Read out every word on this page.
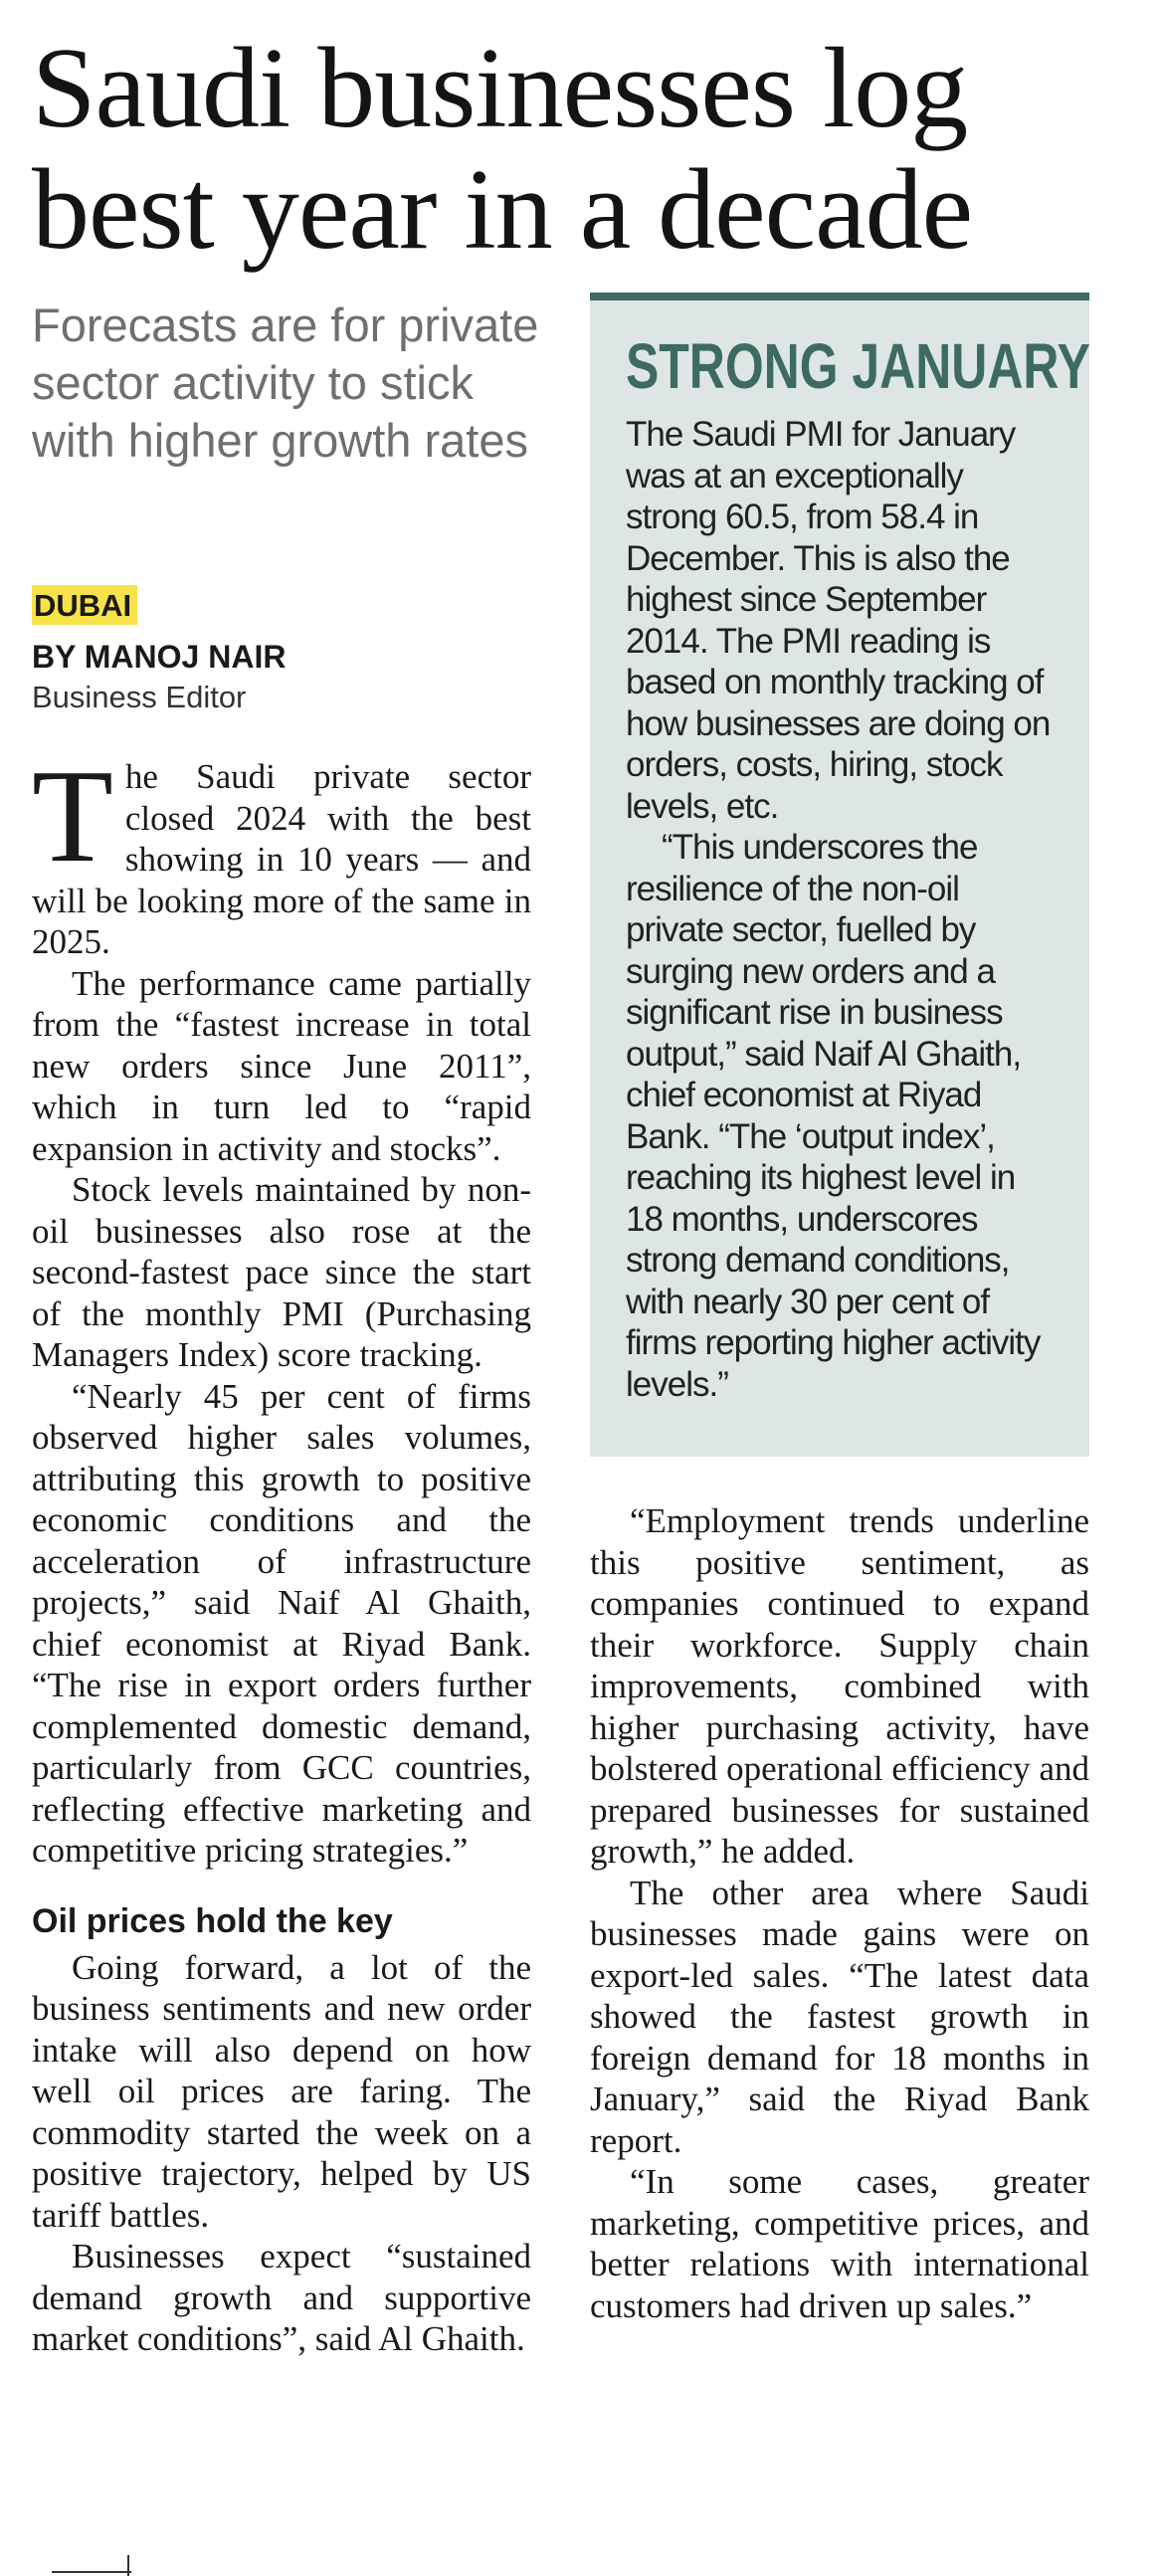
Saudi businesses log best year in a decade

Forecasts are for private sector activity to stick with higher growth rates

DUBAI
BY MANOJ NAIR
Business Editor
STRONG JANUARY

The Saudi PMI for January was at an exceptionally strong 60.5, from 58.4 in December. This is also the highest since September 2014. The PMI reading is based on monthly tracking of how businesses are doing on orders, costs, hiring, stock levels, etc.

“This underscores the resilience of the non-oil private sector, fuelled by surging new orders and a significant rise in business output,” said Naif Al Ghaith, chief economist at Riyad Bank. “The ‘output index’, reaching its highest level in 18 months, underscores strong demand conditions, with nearly 30 per cent of firms reporting higher activity levels.”

The Saudi private sector closed 2024 with the best showing in 10 years — and will be looking more of the same in 2025.

The performance came partially from the “fastest increase in total new orders since June 2011”, which in turn led to “rapid expansion in activity and stocks”.

Stock levels maintained by non-oil businesses also rose at the second-fastest pace since the start of the monthly PMI (Purchasing Managers Index) score tracking.

“Nearly 45 per cent of firms observed higher sales volumes, attributing this growth to positive economic conditions and the acceleration of infrastructure projects,” said Naif Al Ghaith, chief economist at Riyad Bank. “The rise in export orders further complemented domestic demand, particularly from GCC countries, reflecting effective marketing and competitive pricing strategies.”

Oil prices hold the key

Going forward, a lot of the business sentiments and new order intake will also depend on how well oil prices are faring. The commodity started the week on a positive trajectory, helped by US tariff battles.

Businesses expect “sustained demand growth and supportive market conditions”, said Al Ghaith.

“Employment trends underline this positive sentiment, as companies continued to expand their workforce. Supply chain improvements, combined with higher purchasing activity, have bolstered operational efficiency and prepared businesses for sustained growth,” he added.

The other area where Saudi businesses made gains were on export-led sales. “The latest data showed the fastest growth in foreign demand for 18 months in January,” said the Riyad Bank report.

“In some cases, greater marketing, competitive prices, and better relations with international customers had driven up sales.”
